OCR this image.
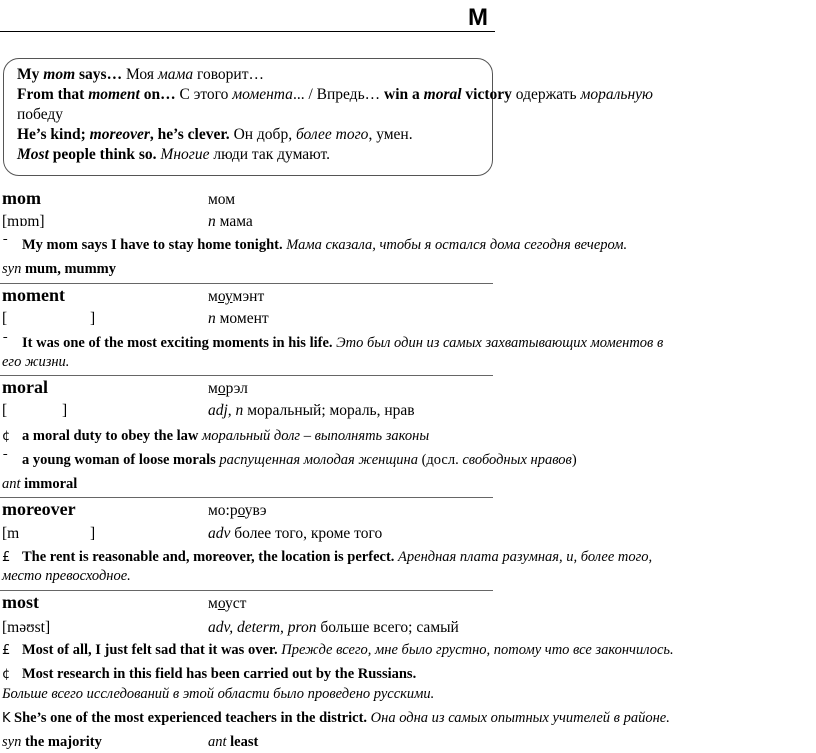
M
My mom says… Моя мама говорит…
From that moment on… С этого момента... / Впредь… win a moral victory одержать моральную
победу
He’s kind; moreover, he’s clever. Он добр, более того, умен.
Most people think so. Многие люди так думают.
mom	мом
[mɒm]	n мама
ˉ My mom says I have to stay home tonight. Мама сказала, чтобы я остался дома сегодня вечером.
syn mum, mummy
moment	моумэнт
[	]	n момент
ˉ It was one of the most exciting moments in his life. Это был один из самых захватывающих моментов в
его жизни.
moral	морэл
[	]	adj, n моральный; мораль, нрав
¢ a moral duty to obey the law моральный долг – выполнять законы
ˉ a young woman of loose morals распущенная молодая женщина (досл. свободных нравов)
ant immoral
moreover	мо:роувэ
[m	]	adv более того, кроме того
£ The rent is reasonable and, moreover, the location is perfect. Арендная плата разумная, и, более того,
место превосходное.
most	моуст
[məʊst]	adv, determ, pron больше всего; самый
£ Most of all, I just felt sad that it was over. Прежде всего, мне было грустно, потому что все закончилось.
¢ Most research in this field has been carried out by the Russians.
Больше всего исследований в этой области было проведено русскими.
K She’s one of the most experienced teachers in the district. Она одна из самых опытных учителей в районе.
syn the majority	ant least
